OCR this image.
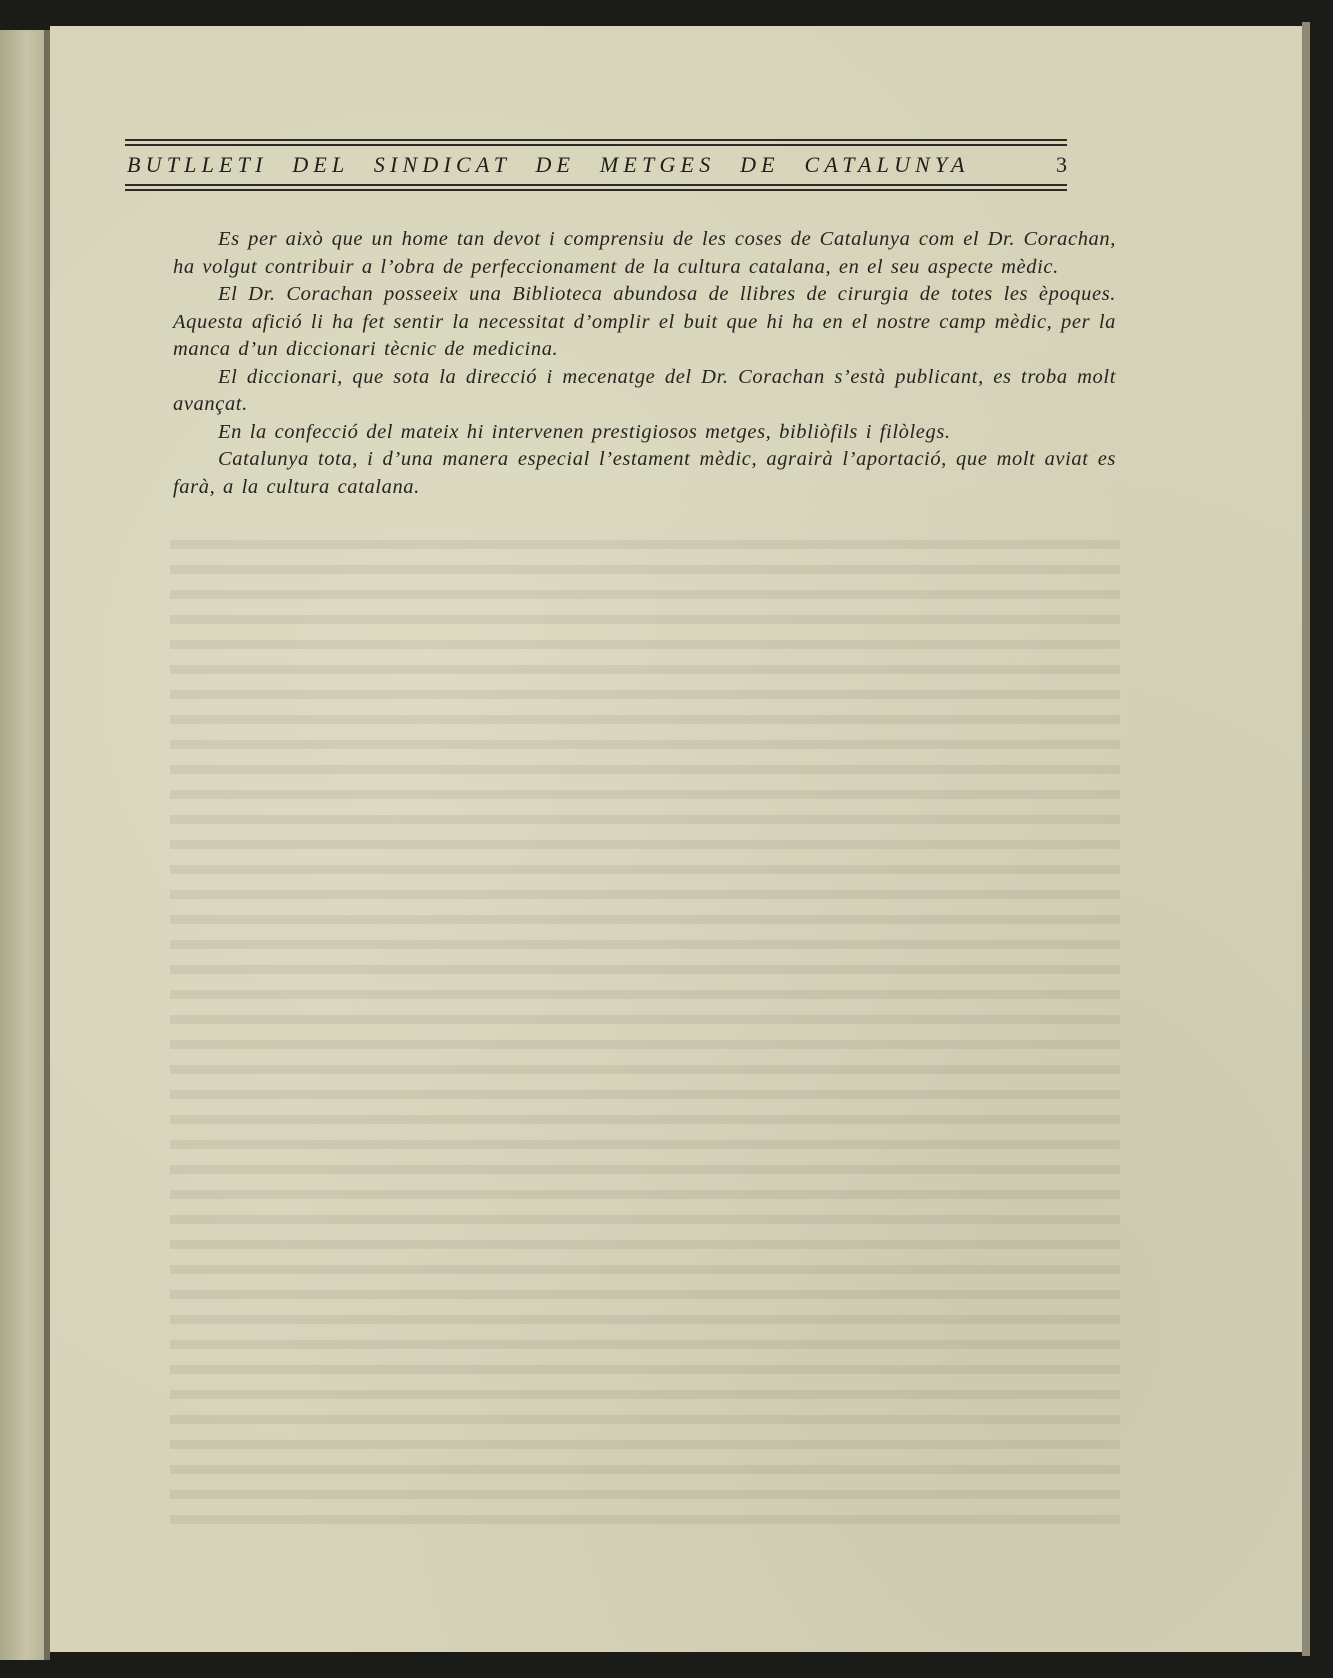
BUTLLETI DEL SINDICAT DE METGES DE CATALUNYA	3

Es per això que un home tan devot i comprensiu de les coses de Catalunya com el Dr. Corachan, ha volgut contribuir a l’obra de perfeccionament de la cultura catalana, en el seu aspecte mèdic.

El Dr. Corachan posseeix una Biblioteca abundosa de llibres de cirurgia de totes les èpoques. Aquesta afició li ha fet sentir la necessitat d’omplir el buit que hi ha en el nostre camp mèdic, per la manca d’un diccionari tècnic de medicina.

El diccionari, que sota la direcció i mecenatge del Dr. Corachan s’està publicant, es troba molt avançat.

En la confecció del mateix hi intervenen prestigiosos metges, bibliòfils i filòlegs.

Catalunya tota, i d’una manera especial l’estament mèdic, agrairà l’aportació, que molt aviat es farà, a la cultura catalana.
